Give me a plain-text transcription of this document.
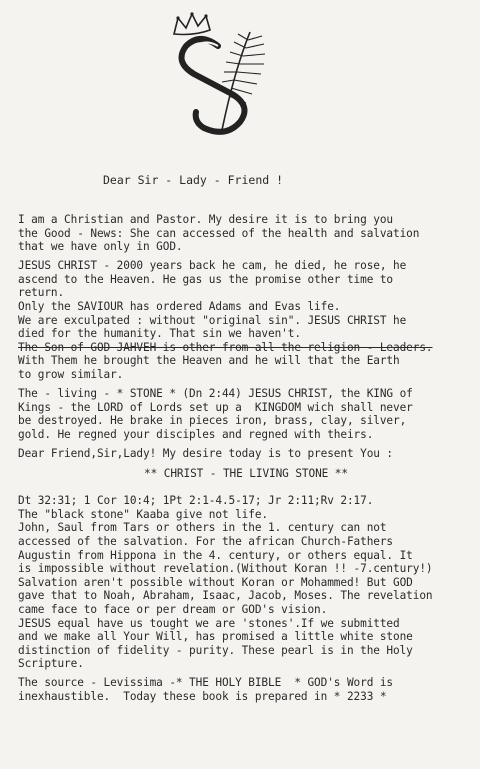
Dear Sir - Lady - Friend !
I am a Christian and Pastor. My desire it is to bring you
the Good - News: She can accessed of the health and salvation
that we have only in GOD.
JESUS CHRIST - 2000 years back he cam, he died, he rose, he
ascend to the Heaven. He gas us the promise other time to
return.
Only the SAVIOUR has ordered Adams and Evas life.
We are exculpated : without "original sin". JESUS CHRIST he
died for the humanity. That sin we haven't.
The Son of GOD JAHVEH is other from all the religion - Leaders.
With Them he brought the Heaven and he will that the Earth
to grow similar.
The - living - * STONE * (Dn 2:44) JESUS CHRIST, the KING of
Kings - the LORD of Lords set up a  KINGDOM wich shall never
be destroyed. He brake in pieces iron, brass, clay, silver,
gold. He regned your disciples and regned with theirs.
Dear Friend,Sir,Lady! My desire today is to present You :
** CHRIST - THE LIVING STONE **
Dt 32:31; 1 Cor 10:4; 1Pt 2:1-4.5-17; Jr 2:11;Rv 2:17.
The "black stone" Kaaba give not life.
John, Saul from Tars or others in the 1. century can not
accessed of the salvation. For the african Church-Fathers
Augustin from Hippona in the 4. century, or others equal. It
is impossible without revelation.(Without Koran !! -7.century!)
Salvation aren't possible without Koran or Mohammed! But GOD
gave that to Noah, Abraham, Isaac, Jacob, Moses. The revelation
came face to face or per dream or GOD's vision.
JESUS equal have us tought we are 'stones'.If we submitted
and we make all Your Will, has promised a little white stone
distinction of fidelity - purity. These pearl is in the Holy
Scripture.
The source - Levissima -* THE HOLY BIBLE  * GOD's Word is
inexhaustible.  Today these book is prepared in * 2233 *
